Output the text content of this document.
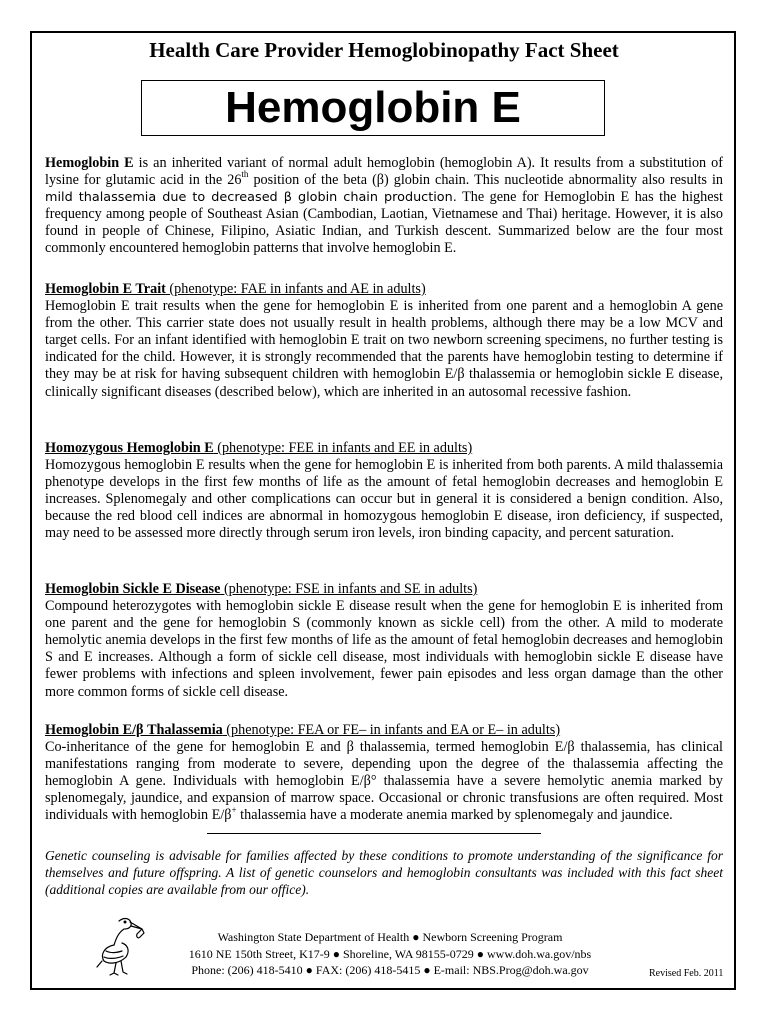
Health Care Provider Hemoglobinopathy Fact Sheet
Hemoglobin E
Hemoglobin E is an inherited variant of normal adult hemoglobin (hemoglobin A). It results from a substitution of lysine for glutamic acid in the 26th position of the beta (β) globin chain. This nucleotide abnormality also results in mild thalassemia due to decreased β globin chain production. The gene for Hemoglobin E has the highest frequency among people of Southeast Asian (Cambodian, Laotian, Vietnamese and Thai) heritage. However, it is also found in people of Chinese, Filipino, Asiatic Indian, and Turkish descent. Summarized below are the four most commonly encountered hemoglobin patterns that involve hemoglobin E.
Hemoglobin E Trait (phenotype: FAE in infants and AE in adults)
Hemoglobin E trait results when the gene for hemoglobin E is inherited from one parent and a hemoglobin A gene from the other. This carrier state does not usually result in health problems, although there may be a low MCV and target cells. For an infant identified with hemoglobin E trait on two newborn screening specimens, no further testing is indicated for the child. However, it is strongly recommended that the parents have hemoglobin testing to determine if they may be at risk for having subsequent children with hemoglobin E/β thalassemia or hemoglobin sickle E disease, clinically significant diseases (described below), which are inherited in an autosomal recessive fashion.
Homozygous Hemoglobin E (phenotype: FEE in infants and EE in adults)
Homozygous hemoglobin E results when the gene for hemoglobin E is inherited from both parents. A mild thalassemia phenotype develops in the first few months of life as the amount of fetal hemoglobin decreases and hemoglobin E increases. Splenomegaly and other complications can occur but in general it is considered a benign condition. Also, because the red blood cell indices are abnormal in homozygous hemoglobin E disease, iron deficiency, if suspected, may need to be assessed more directly through serum iron levels, iron binding capacity, and percent saturation.
Hemoglobin Sickle E Disease (phenotype: FSE in infants and SE in adults)
Compound heterozygotes with hemoglobin sickle E disease result when the gene for hemoglobin E is inherited from one parent and the gene for hemoglobin S (commonly known as sickle cell) from the other. A mild to moderate hemolytic anemia develops in the first few months of life as the amount of fetal hemoglobin decreases and hemoglobin S and E increases. Although a form of sickle cell disease, most individuals with hemoglobin sickle E disease have fewer problems with infections and spleen involvement, fewer pain episodes and less organ damage than the other more common forms of sickle cell disease.
Hemoglobin E/β Thalassemia (phenotype: FEA or FE– in infants and EA or E– in adults)
Co-inheritance of the gene for hemoglobin E and β thalassemia, termed hemoglobin E/β thalassemia, has clinical manifestations ranging from moderate to severe, depending upon the degree of the thalassemia affecting the hemoglobin A gene. Individuals with hemoglobin E/β° thalassemia have a severe hemolytic anemia marked by splenomegaly, jaundice, and expansion of marrow space. Occasional or chronic transfusions are often required. Most individuals with hemoglobin E/β+ thalassemia have a moderate anemia marked by splenomegaly and jaundice.
Genetic counseling is advisable for families affected by these conditions to promote understanding of the significance for themselves and future offspring. A list of genetic counselors and hemoglobin consultants was included with this fact sheet (additional copies are available from our office).
Washington State Department of Health ● Newborn Screening Program
1610 NE 150th Street, K17-9 ● Shoreline, WA 98155-0729 ● www.doh.wa.gov/nbs
Phone: (206) 418-5410 ● FAX: (206) 418-5415 ● E-mail: NBS.Prog@doh.wa.gov	Revised Feb. 2011
